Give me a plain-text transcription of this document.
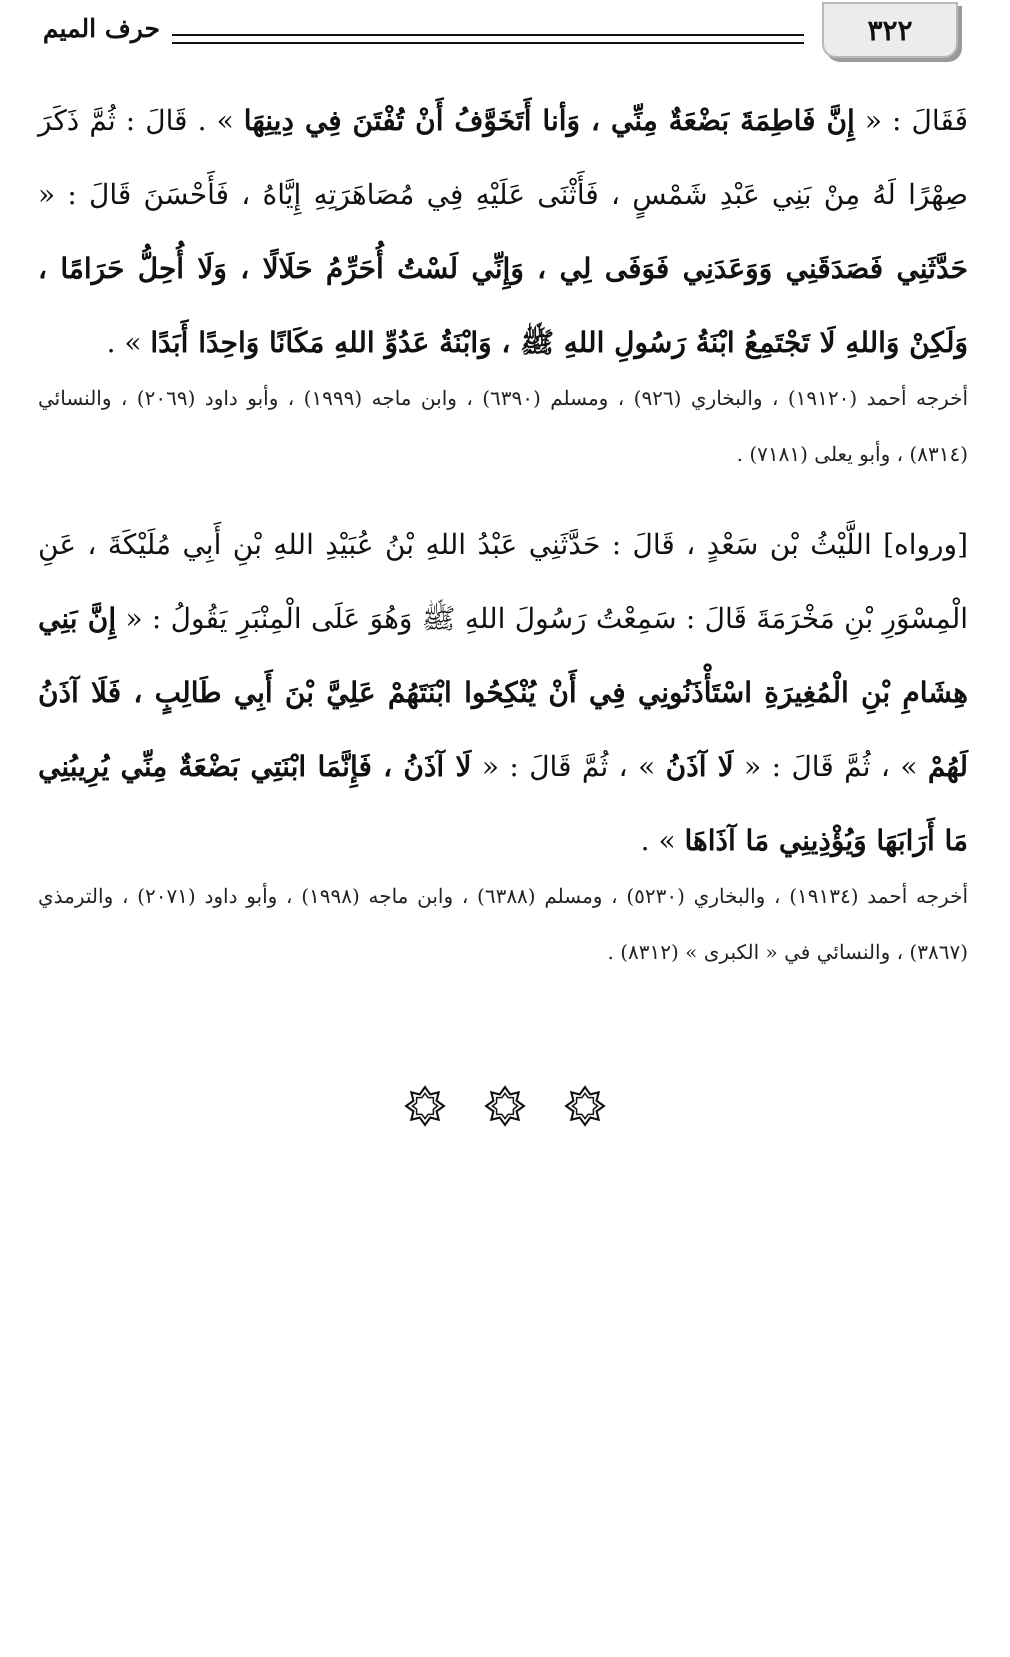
٣٢٢
حرف الميم

فَقَالَ : « إِنَّ فَاطِمَةَ بَضْعَةٌ مِنِّي ، وَأنا أَتَخَوَّفُ أَنْ تُفْتَنَ فِي دِينِهَا » . قَالَ : ثُمَّ ذَكَرَ صِهْرًا لَهُ مِنْ بَنِي عَبْدِ شَمْسٍ ، فَأَثْنَى عَلَيْهِ فِي مُصَاهَرَتِهِ إِيَّاهُ ، فَأَحْسَنَ قَالَ : « حَدَّثَنِي فَصَدَقَنِي وَوَعَدَنِي فَوَفَى لِي ، وَإِنِّي لَسْتُ أُحَرِّمُ حَلَالًا ، وَلَا أُحِلُّ حَرَامًا ، وَلَكِنْ وَاللهِ لَا تَجْتَمِعُ ابْنَةُ رَسُولِ اللهِ ﷺ ، وَابْنَةُ عَدُوِّ اللهِ مَكَانًا وَاحِدًا أَبَدًا » .

أخرجه أحمد (١٩١٢٠) ، والبخاري (٩٢٦) ، ومسلم (٦٣٩٠) ، وابن ماجه (١٩٩٩) ، وأبو داود (٢٠٦٩) ، والنسائي (٨٣١٤) ، وأبو يعلى (٧١٨١) .

[ورواه] اللَّيْثُ بْن سَعْدٍ ، قَالَ : حَدَّثَنِي عَبْدُ اللهِ بْنُ عُبَيْدِ اللهِ بْنِ أَبِي مُلَيْكَةَ ، عَنِ الْمِسْوَرِ بْنِ مَخْرَمَةَ قَالَ : سَمِعْتُ رَسُولَ اللهِ ﷺ وَهُوَ عَلَى الْمِنْبَرِ يَقُولُ : « إِنَّ بَنِي هِشَامِ بْنِ الْمُغِيرَةِ اسْتَأْذَنُونِي فِي أَنْ يُنْكِحُوا ابْنَتَهُمْ عَلِيَّ بْنَ أَبِي طَالِبٍ ، فَلَا آذَنُ لَهُمْ » ، ثُمَّ قَالَ : « لَا آذَنُ » ، ثُمَّ قَالَ : « لَا آذَنُ ، فَإِنَّمَا ابْنَتِي بَضْعَةٌ مِنِّي يُرِيبُنِي مَا أَرَابَهَا وَيُؤْذِينِي مَا آذَاهَا » .

أخرجه أحمد (١٩١٣٤) ، والبخاري (٥٢٣٠) ، ومسلم (٦٣٨٨) ، وابن ماجه (١٩٩٨) ، وأبو داود (٢٠٧١) ، والترمذي (٣٨٦٧) ، والنسائي في « الكبرى » (٨٣١٢) .
